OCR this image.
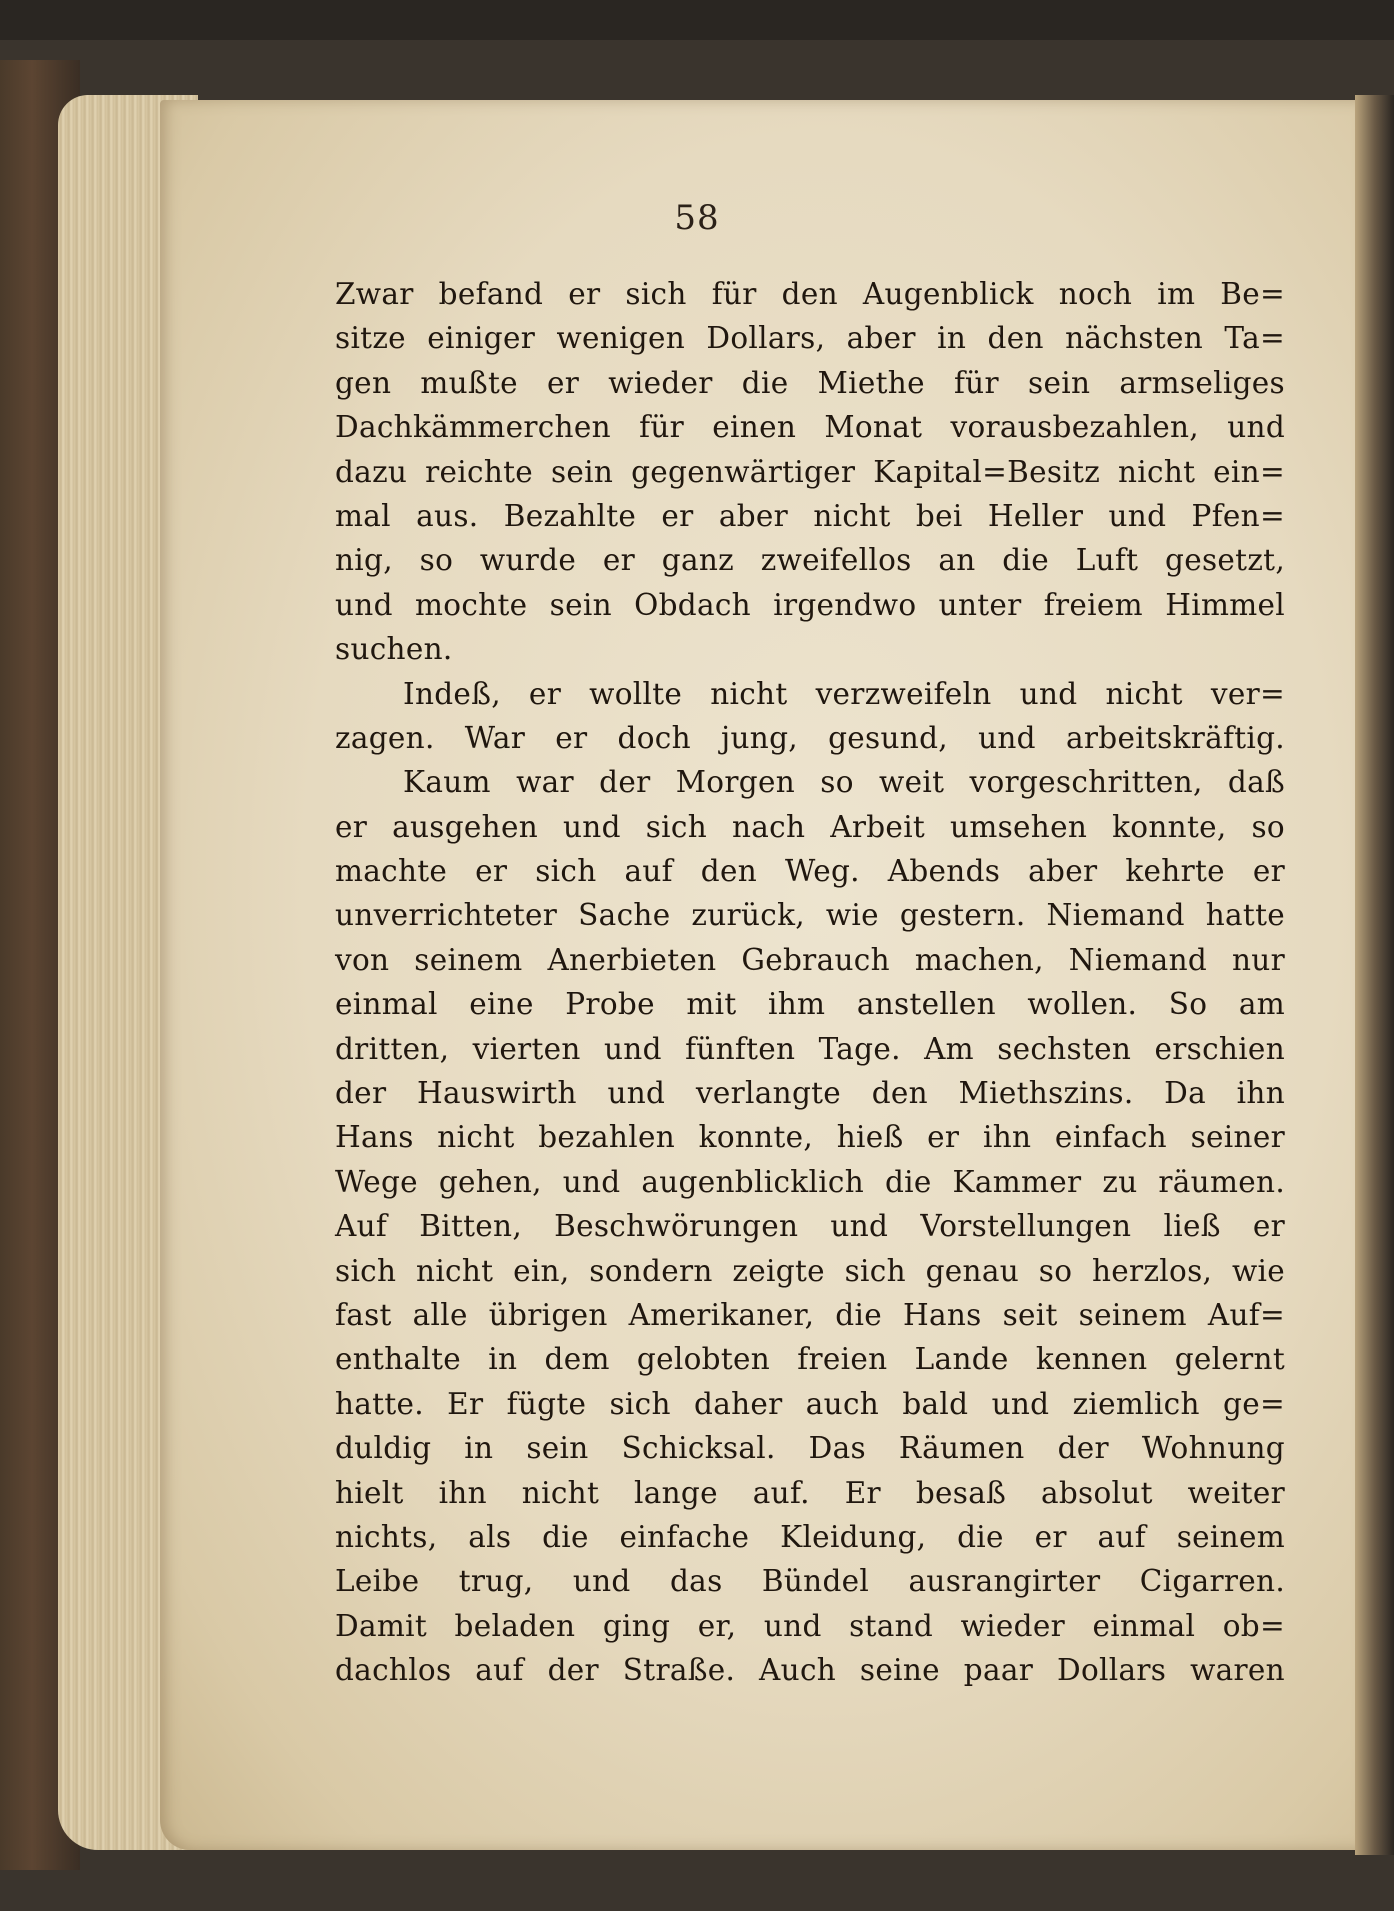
58
Zwar befand er sich für den Augenblick noch im Be=
sitze einiger wenigen Dollars, aber in den nächsten Ta=
gen mußte er wieder die Miethe für sein armseliges
Dachkämmerchen für einen Monat vorausbezahlen, und
dazu reichte sein gegenwärtiger Kapital=Besitz nicht ein=
mal aus. Bezahlte er aber nicht bei Heller und Pfen=
nig, so wurde er ganz zweifellos an die Luft gesetzt,
und mochte sein Obdach irgendwo unter freiem Himmel
suchen.
Indeß, er wollte nicht verzweifeln und nicht ver=
zagen. War er doch jung, gesund, und arbeitskräftig.
Kaum war der Morgen so weit vorgeschritten, daß
er ausgehen und sich nach Arbeit umsehen konnte, so
machte er sich auf den Weg. Abends aber kehrte er
unverrichteter Sache zurück, wie gestern. Niemand hatte
von seinem Anerbieten Gebrauch machen, Niemand nur
einmal eine Probe mit ihm anstellen wollen. So am
dritten, vierten und fünften Tage. Am sechsten erschien
der Hauswirth und verlangte den Miethszins. Da ihn
Hans nicht bezahlen konnte, hieß er ihn einfach seiner
Wege gehen, und augenblicklich die Kammer zu räumen.
Auf Bitten, Beschwörungen und Vorstellungen ließ er
sich nicht ein, sondern zeigte sich genau so herzlos, wie
fast alle übrigen Amerikaner, die Hans seit seinem Auf=
enthalte in dem gelobten freien Lande kennen gelernt
hatte. Er fügte sich daher auch bald und ziemlich ge=
duldig in sein Schicksal. Das Räumen der Wohnung
hielt ihn nicht lange auf. Er besaß absolut weiter
nichts, als die einfache Kleidung, die er auf seinem
Leibe trug, und das Bündel ausrangirter Cigarren.
Damit beladen ging er, und stand wieder einmal ob=
dachlos auf der Straße. Auch seine paar Dollars waren
